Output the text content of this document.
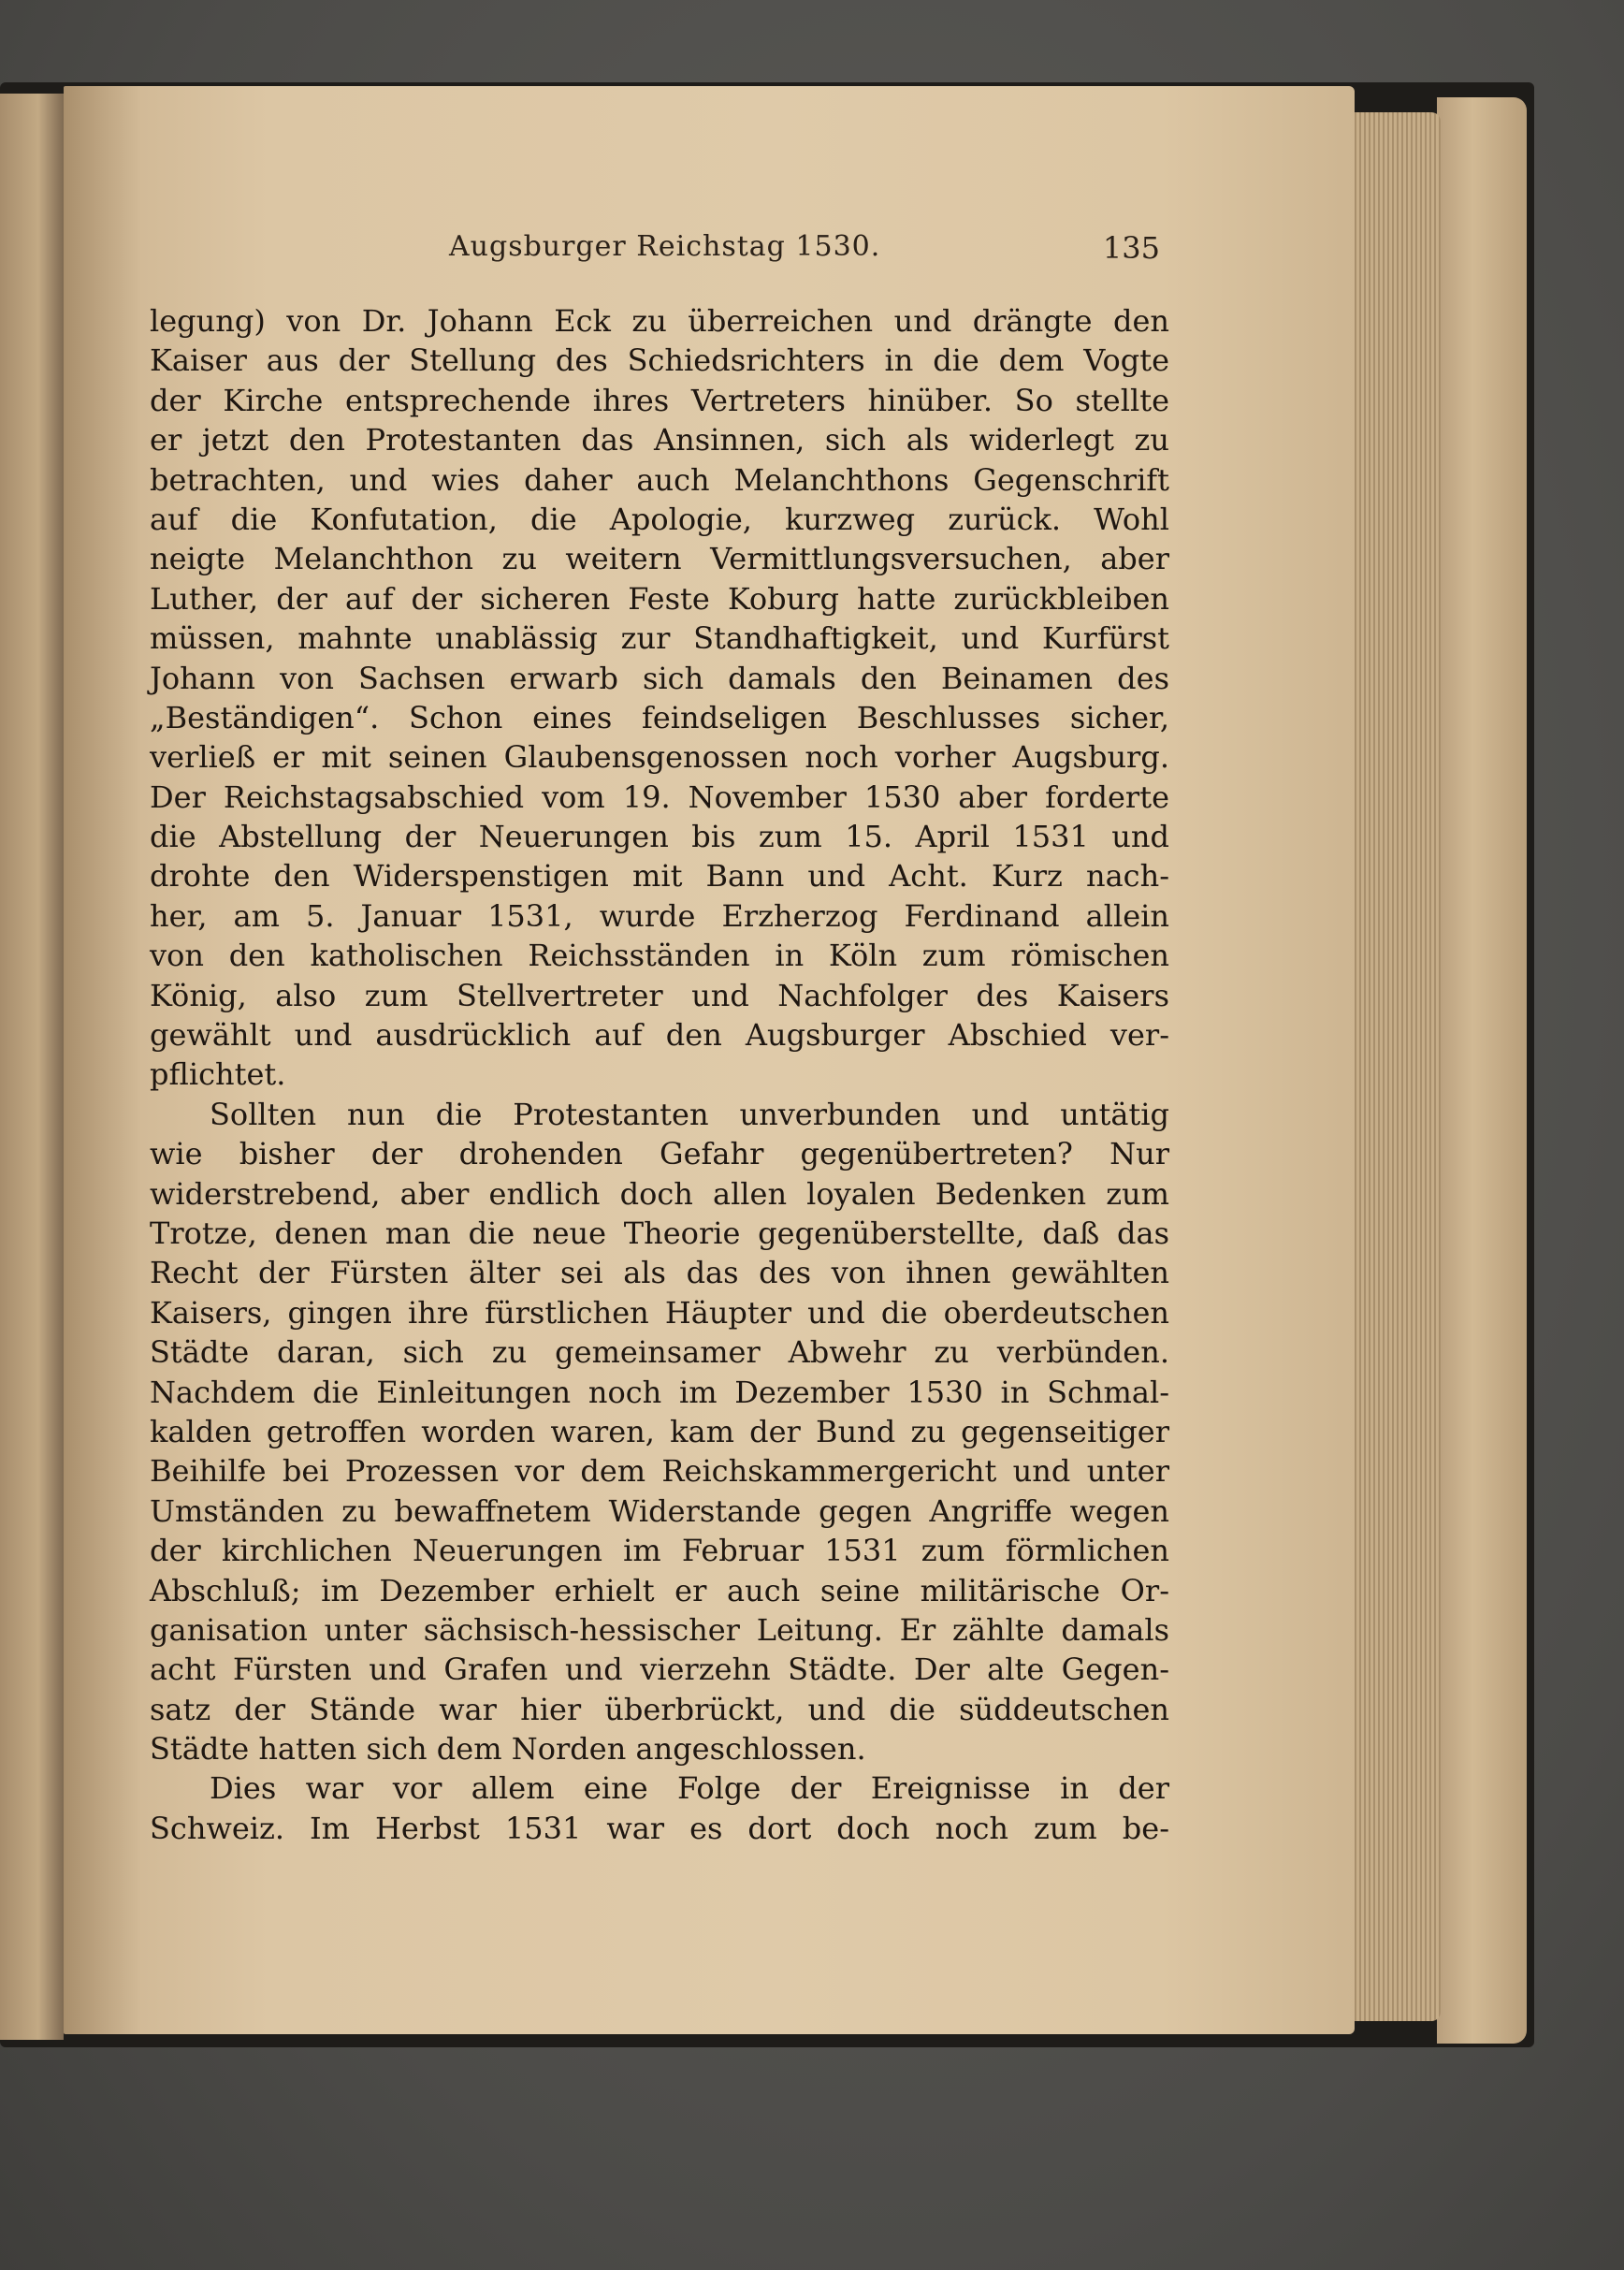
Augsburger Reichstag 1530.	135
legung) von Dr. Johann Eck zu überreichen und drängte den
Kaiser aus der Stellung des Schiedsrichters in die dem Vogte
der Kirche entsprechende ihres Vertreters hinüber. So stellte
er jetzt den Protestanten das Ansinnen, sich als widerlegt zu
betrachten, und wies daher auch Melanchthons Gegenschrift
auf die Konfutation, die Apologie, kurzweg zurück. Wohl
neigte Melanchthon zu weitern Vermittlungsversuchen, aber
Luther, der auf der sicheren Feste Koburg hatte zurückbleiben
müssen, mahnte unablässig zur Standhaftigkeit, und Kurfürst
Johann von Sachsen erwarb sich damals den Beinamen des
„Beständigen“. Schon eines feindseligen Beschlusses sicher,
verließ er mit seinen Glaubensgenossen noch vorher Augsburg.
Der Reichstagsabschied vom 19. November 1530 aber forderte
die Abstellung der Neuerungen bis zum 15. April 1531 und
drohte den Widerspenstigen mit Bann und Acht. Kurz nach-
her, am 5. Januar 1531, wurde Erzherzog Ferdinand allein
von den katholischen Reichsständen in Köln zum römischen
König, also zum Stellvertreter und Nachfolger des Kaisers
gewählt und ausdrücklich auf den Augsburger Abschied ver-
pflichtet.
Sollten nun die Protestanten unverbunden und untätig
wie bisher der drohenden Gefahr gegenübertreten? Nur
widerstrebend, aber endlich doch allen loyalen Bedenken zum
Trotze, denen man die neue Theorie gegenüberstellte, daß das
Recht der Fürsten älter sei als das des von ihnen gewählten
Kaisers, gingen ihre fürstlichen Häupter und die oberdeutschen
Städte daran, sich zu gemeinsamer Abwehr zu verbünden.
Nachdem die Einleitungen noch im Dezember 1530 in Schmal-
kalden getroffen worden waren, kam der Bund zu gegenseitiger
Beihilfe bei Prozessen vor dem Reichskammergericht und unter
Umständen zu bewaffnetem Widerstande gegen Angriffe wegen
der kirchlichen Neuerungen im Februar 1531 zum förmlichen
Abschluß; im Dezember erhielt er auch seine militärische Or-
ganisation unter sächsisch-hessischer Leitung. Er zählte damals
acht Fürsten und Grafen und vierzehn Städte. Der alte Gegen-
satz der Stände war hier überbrückt, und die süddeutschen
Städte hatten sich dem Norden angeschlossen.
Dies war vor allem eine Folge der Ereignisse in der
Schweiz. Im Herbst 1531 war es dort doch noch zum be-
